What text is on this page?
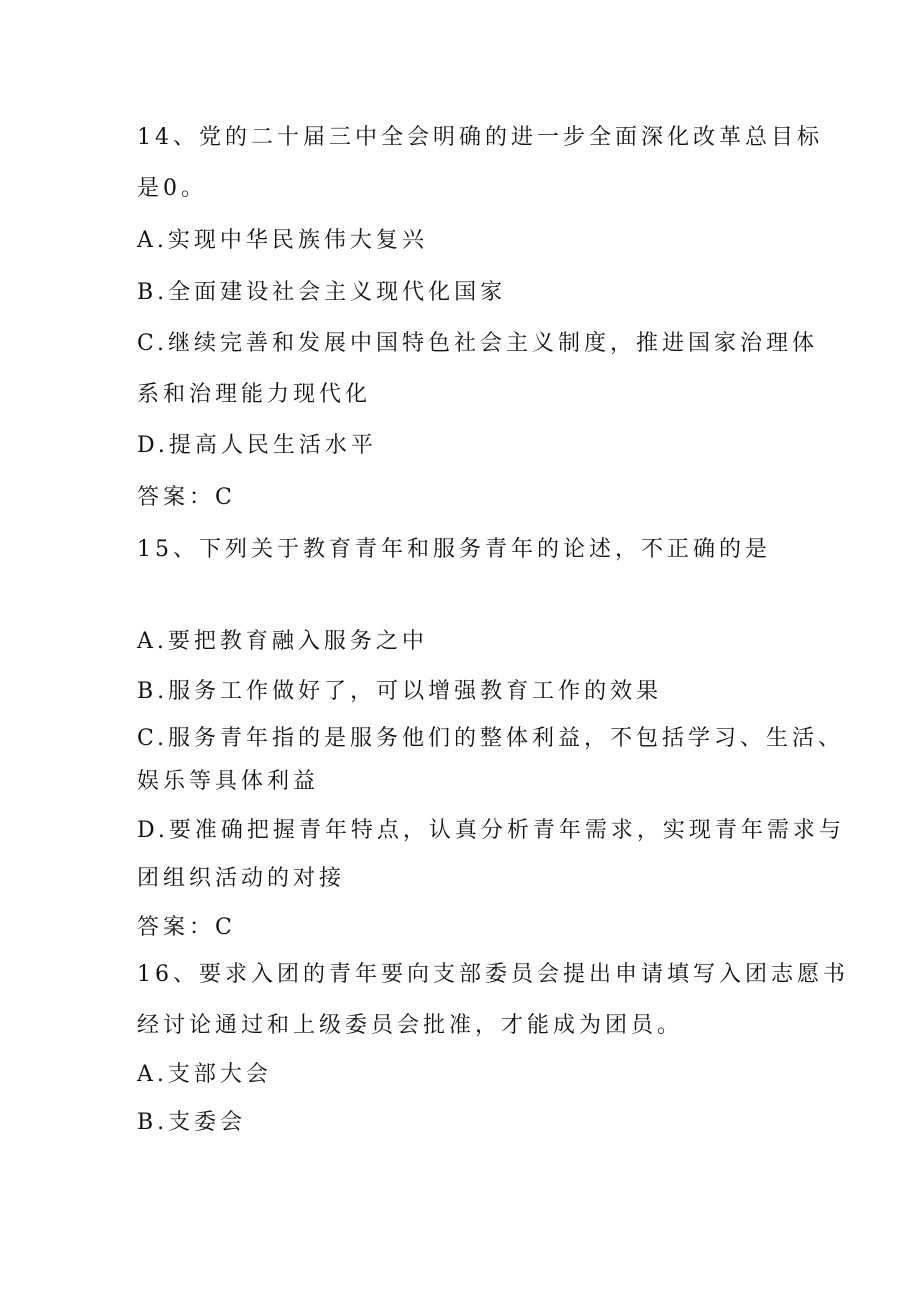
14、党的二十届三中全会明确的进一步全面深化改革总目标
是0。
A.实现中华民族伟大复兴
B.全面建设社会主义现代化国家
C.继续完善和发展中国特色社会主义制度，推进国家治理体
系和治理能力现代化
D.提高人民生活水平
答案：C
15、下列关于教育青年和服务青年的论述，不正确的是
A.要把教育融入服务之中
B.服务工作做好了，可以增强教育工作的效果
C.服务青年指的是服务他们的整体利益，不包括学习、生活、
娱乐等具体利益
D.要准确把握青年特点，认真分析青年需求，实现青年需求与
团组织活动的对接
答案：C
16、要求入团的青年要向支部委员会提出申请填写入团志愿书
经讨论通过和上级委员会批准，才能成为团员。
A.支部大会
B.支委会
